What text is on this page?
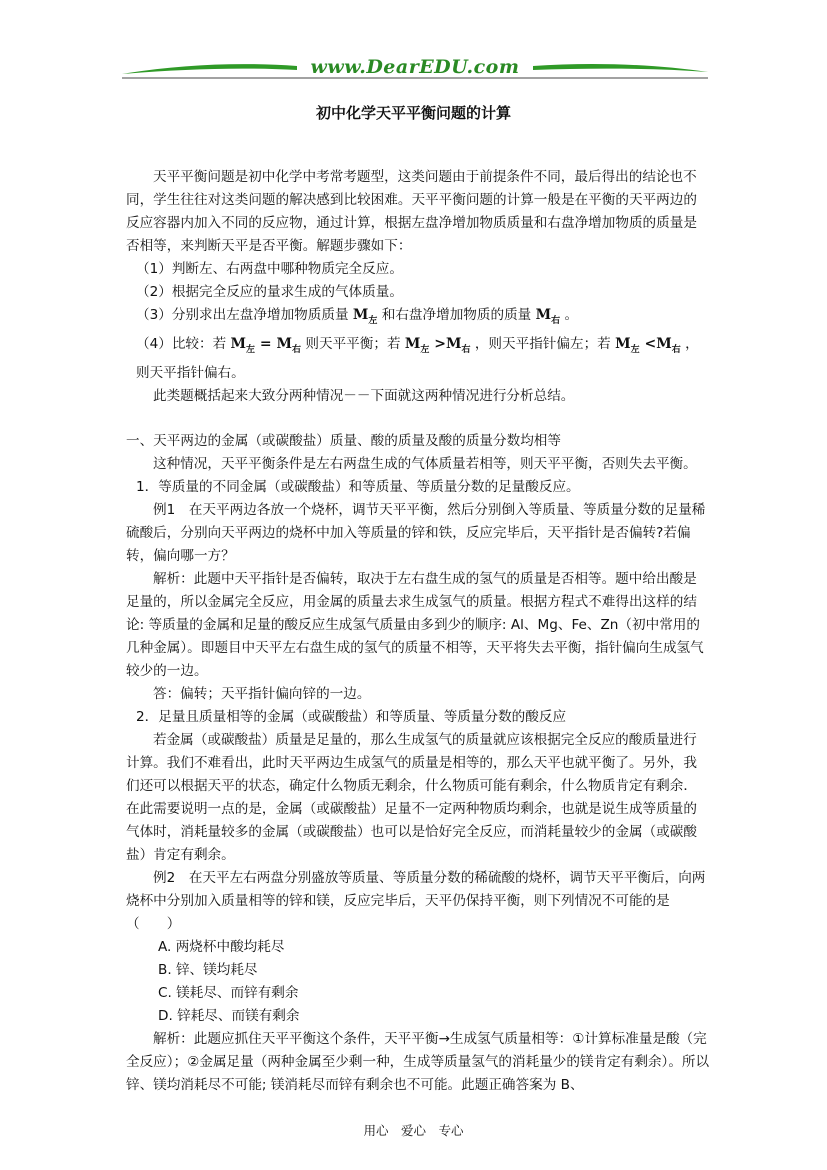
www.DearEDU.com
初中化学天平平衡问题的计算

天平平衡问题是初中化学中考常考题型，这类问题由于前提条件不同，最后得出的结论也不同，学生往往对这类问题的解决感到比较困难。天平平衡问题的计算一般是在平衡的天平两边的反应容器内加入不同的反应物，通过计算，根据左盘净增加物质质量和右盘净增加物质的质量是否相等，来判断天平是否平衡。解题步骤如下：

（1）判断左、右两盘中哪种物质完全反应。

（2）根据完全反应的量求生成的气体质量。

（3）分别求出左盘净增加物质质量 $M_左$ 和右盘净增加物质的质量 $M_右$ 。

（4）比较：若 $M_左 = M_右$ 则天平平衡；若 $M_左 >M_右$ ，则天平指针偏左；若 $M_左 <M_右$ ，则天平指针偏右。

此类题概括起来大致分两种情况－－下面就这两种情况进行分析总结。

一、天平两边的金属（或碳酸盐）质量、酸的质量及酸的质量分数均相等

这种情况，天平平衡条件是左右两盘生成的气体质量若相等，则天平平衡，否则失去平衡。

1．等质量的不同金属（或碳酸盐）和等质量、等质量分数的足量酸反应。

例1　在天平两边各放一个烧杯，调节天平平衡，然后分别倒入等质量、等质量分数的足量稀硫酸后，分别向天平两边的烧杯中加入等质量的锌和铁，反应完毕后，天平指针是否偏转?若偏转，偏向哪一方？

解析：此题中天平指针是否偏转，取决于左右盘生成的氢气的质量是否相等。题中给出酸是足量的，所以金属完全反应，用金属的质量去求生成氢气的质量。根据方程式不难得出这样的结论: 等质量的金属和足量的酸反应生成氢气质量由多到少的顺序: Al、Mg、Fe、Zn（初中常用的几种金属）。即题目中天平左右盘生成的氢气的质量不相等，天平将失去平衡，指针偏向生成氢气较少的一边。

答：偏转；天平指针偏向锌的一边。

2．足量且质量相等的金属（或碳酸盐）和等质量、等质量分数的酸反应

若金属（或碳酸盐）质量是足量的，那么生成氢气的质量就应该根据完全反应的酸质量进行计算。我们不难看出，此时天平两边生成氢气的质量是相等的，那么天平也就平衡了。另外，我们还可以根据天平的状态，确定什么物质无剩余，什么物质可能有剩余，什么物质肯定有剩余．在此需要说明一点的是，金属（或碳酸盐）足量不一定两种物质均剩余，也就是说生成等质量的气体时，消耗量较多的金属（或碳酸盐）也可以是恰好完全反应，而消耗量较少的金属（或碳酸盐）肯定有剩余。

例2　在天平左右两盘分别盛放等质量、等质量分数的稀硫酸的烧杯，调节天平平衡后，向两烧杯中分别加入质量相等的锌和镁，反应完毕后，天平仍保持平衡，则下列情况不可能的是（　　）

A. 两烧杯中酸均耗尽

B. 锌、镁均耗尽

C. 镁耗尽、而锌有剩余

D. 锌耗尽、而镁有剩余

解析：此题应抓住天平平衡这个条件，天平平衡→生成氢气质量相等：①计算标准量是酸（完全反应）；②金属足量（两种金属至少剩一种，生成等质量氢气的消耗量少的镁肯定有剩余）。所以锌、镁均消耗尽不可能; 镁消耗尽而锌有剩余也不可能。此题正确答案为 B、

用心　爱心　专心
